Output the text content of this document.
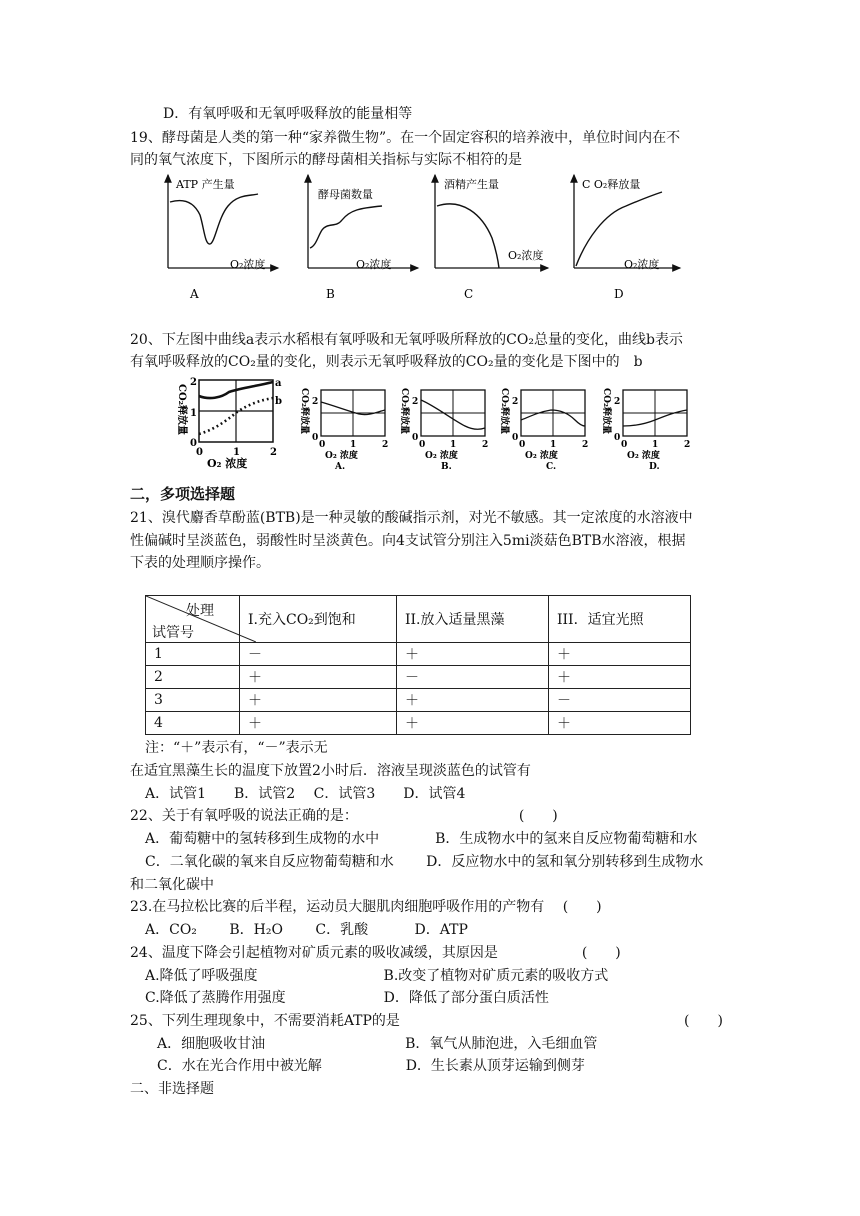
D．有氧呼吸和无氧呼吸释放的能量相等
19、酵母菌是人类的第一种“家养微生物”。在一个固定容积的培养液中，单位时间内在不
同的氧气浓度下，下图所示的酵母菌相关指标与实际不相符的是
ATP 产生量
O₂浓度
A
酵母菌数量
O₂浓度
B
酒精产生量
O₂浓度
C
C O₂释放量
O₂浓度
D
20、下左图中曲线a表示水稻根有氧呼吸和无氧呼吸所释放的CO₂总量的变化，曲线b表示
有氧呼吸释放的CO₂量的变化，则表示无氧呼吸释放的CO₂量的变化是下图中的　b
a
b
2
1
0
0	1	2
O₂ 浓度
CO₂释放量	2
0
0	1	2
O₂ 浓度
A.
CO₂释放量	2
0
0	1	2
O₂ 浓度
B.
CO₂释放量	2
0
0	1	2
O₂ 浓度
C.
CO₂释放量	2
0
0	1	2
O₂ 浓度
D.
CO₂释放量
二，多项选择题
21、溴代麝香草酚蓝(BTB)是一种灵敏的酸碱指示剂，对光不敏感。其一定浓度的水溶液中
性偏碱时呈淡蓝色，弱酸性时呈淡黄色。向4支试管分别注入5mi淡菇色BTB水溶液，根据
下表的处理顺序操作。
处理
试管号	I.充入CO₂到饱和	II.放入适量黑藻	III．适宜光照
1	－	＋	＋
2	＋	－	＋
3	＋	＋	－
4	＋	＋	＋
注：“＋”表示有，“－”表示无
在适宜黑藻生长的温度下放置2小时后．溶液呈现淡蓝色的试管有
A．试管1　　B．试管2　 C．试管3　　D．试管4
22、关于有氧呼吸的说法正确的是：　　　　　　　　　　　　(　　)
A．葡萄糖中的氢转移到生成物的水中　　　　B．生成物水中的氢来自反应物葡萄糖和水
C．二氧化碳的氧来自反应物葡萄糖和水　　 D．反应物水中的氢和氧分别转移到生成物水
和二氧化碳中
23.在马拉松比赛的后半程，运动员大腿肌肉细胞呼吸作用的产物有　 (　　)
A．CO₂　　 B．H₂O　　 C．乳酸　　　 D．ATP
24、温度下降会引起植物对矿质元素的吸收减缓，其原因是　　　　　　(　　)
A.降低了呼吸强度　　　　　　　　　B.改变了植物对矿质元素的吸收方式
C.降低了蒸腾作用强度　　　　　　　D．降低了部分蛋白质活性
25、下列生理现象中，不需要消耗ATP的是	(　　)
A．细胞吸收甘油　　　　　　　　　　B．氧气从肺泡进，入毛细血管
C．水在光合作用中被光解　　　　　　D．生长素从顶芽运输到侧芽
二、非选择题
